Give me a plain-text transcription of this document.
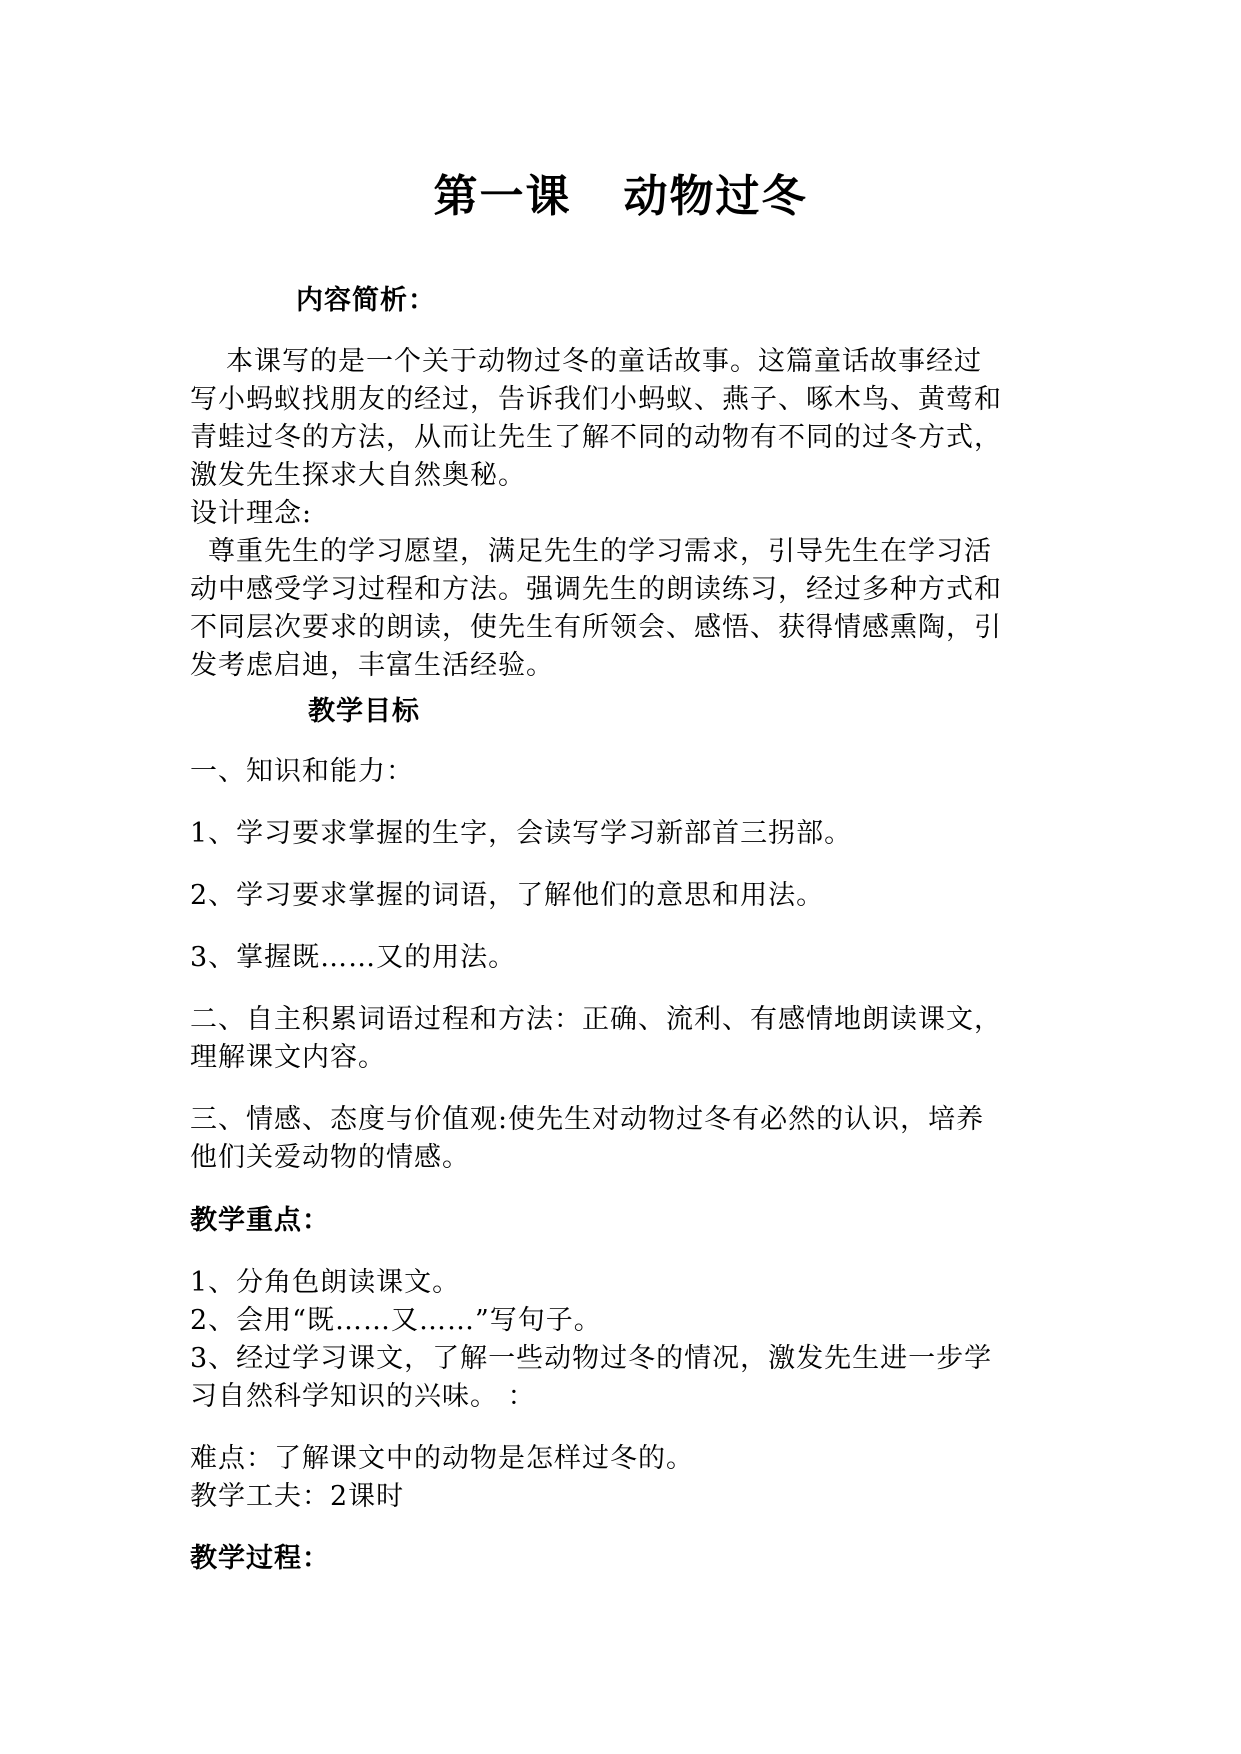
第一课   动物过冬
内容简析：
本课写的是一个关于动物过冬的童话故事。这篇童话故事经过
写小蚂蚁找朋友的经过，告诉我们小蚂蚁、燕子、啄木鸟、黄莺和
青蛙过冬的方法，从而让先生了解不同的动物有不同的过冬方式，
激发先生探求大自然奥秘。
设计理念:
尊重先生的学习愿望，满足先生的学习需求，引导先生在学习活
动中感受学习过程和方法。强调先生的朗读练习，经过多种方式和
不同层次要求的朗读，使先生有所领会、感悟、获得情感熏陶，引
发考虑启迪，丰富生活经验。
教学目标
一、知识和能力：
1、学习要求掌握的生字，会读写学习新部首三拐部。
2、学习要求掌握的词语，了解他们的意思和用法。
3、掌握既……又的用法。
二、自主积累词语过程和方法：正确、流利、有感情地朗读课文，
理解课文内容。
三、情感、态度与价值观:使先生对动物过冬有必然的认识，培养
他们关爱动物的情感。
教学重点：
1、分角色朗读课文。
2、会用“既……又……”写句子。
3、经过学习课文，了解一些动物过冬的情况，激发先生进一步学
习自然科学知识的兴味。 ：
难点：了解课文中的动物是怎样过冬的。
教学工夫：2课时
教学过程：
